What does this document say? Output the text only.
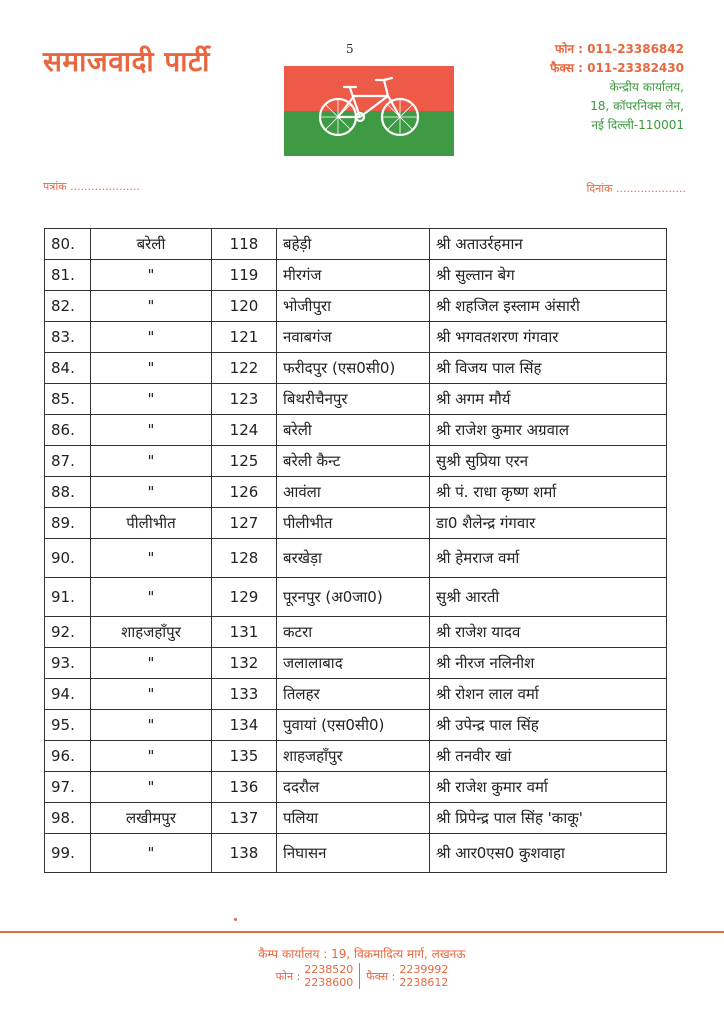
समाजवादी पार्टी	5	फोन : 011-23386842
फैक्स : 011-23382430
केन्द्रीय कार्यालय,
18, कॉपरनिक्स लेन,
नई दिल्ली-110001
पत्रांक ....................	दिनांक ....................
80.	बरेली	118	बहेड़ी	श्री अताउर्रहमान
81.	"	119	मीरगंज	श्री सुल्तान बेग
82.	"	120	भोजीपुरा	श्री शहजिल इस्लाम अंसारी
83.	"	121	नवाबगंज	श्री भगवतशरण गंगवार
84.	"	122	फरीदपुर (एस0सी0)	श्री विजय पाल सिंह
85.	"	123	बिथरीचैनपुर	श्री अगम मौर्य
86.	"	124	बरेली	श्री राजेश कुमार अग्रवाल
87.	"	125	बरेली कैन्ट	सुश्री सुप्रिया एरन
88.	"	126	आवंला	श्री पं. राधा कृष्ण शर्मा
89.	पीलीभीत	127	पीलीभीत	डा0 शैलेन्द्र गंगवार
90.	"	128	बरखेड़ा	श्री हेमराज वर्मा
91.	"	129	पूरनपुर (अ0जा0)	सुश्री आरती
92.	शाहजहाँपुर	131	कटरा	श्री राजेश यादव
93.	"	132	जलालाबाद	श्री नीरज नलिनीश
94.	"	133	तिलहर	श्री रोशन लाल वर्मा
95.	"	134	पुवायां (एस0सी0)	श्री उपेन्द्र पाल सिंह
96.	"	135	शाहजहाँपुर	श्री तनवीर खां
97.	"	136	ददरौल	श्री राजेश कुमार वर्मा
98.	लखीमपुर	137	पलिया	श्री प्रिपेन्द्र पाल सिंह 'काकू'
99.	"	138	निघासन	श्री आर0एस0 कुशवाहा
कैम्प कार्यालय : 19, विक्रमादित्य मार्ग, लखनऊ
फोन : 2238520
2238600 फैक्स : 2239992
2238612
